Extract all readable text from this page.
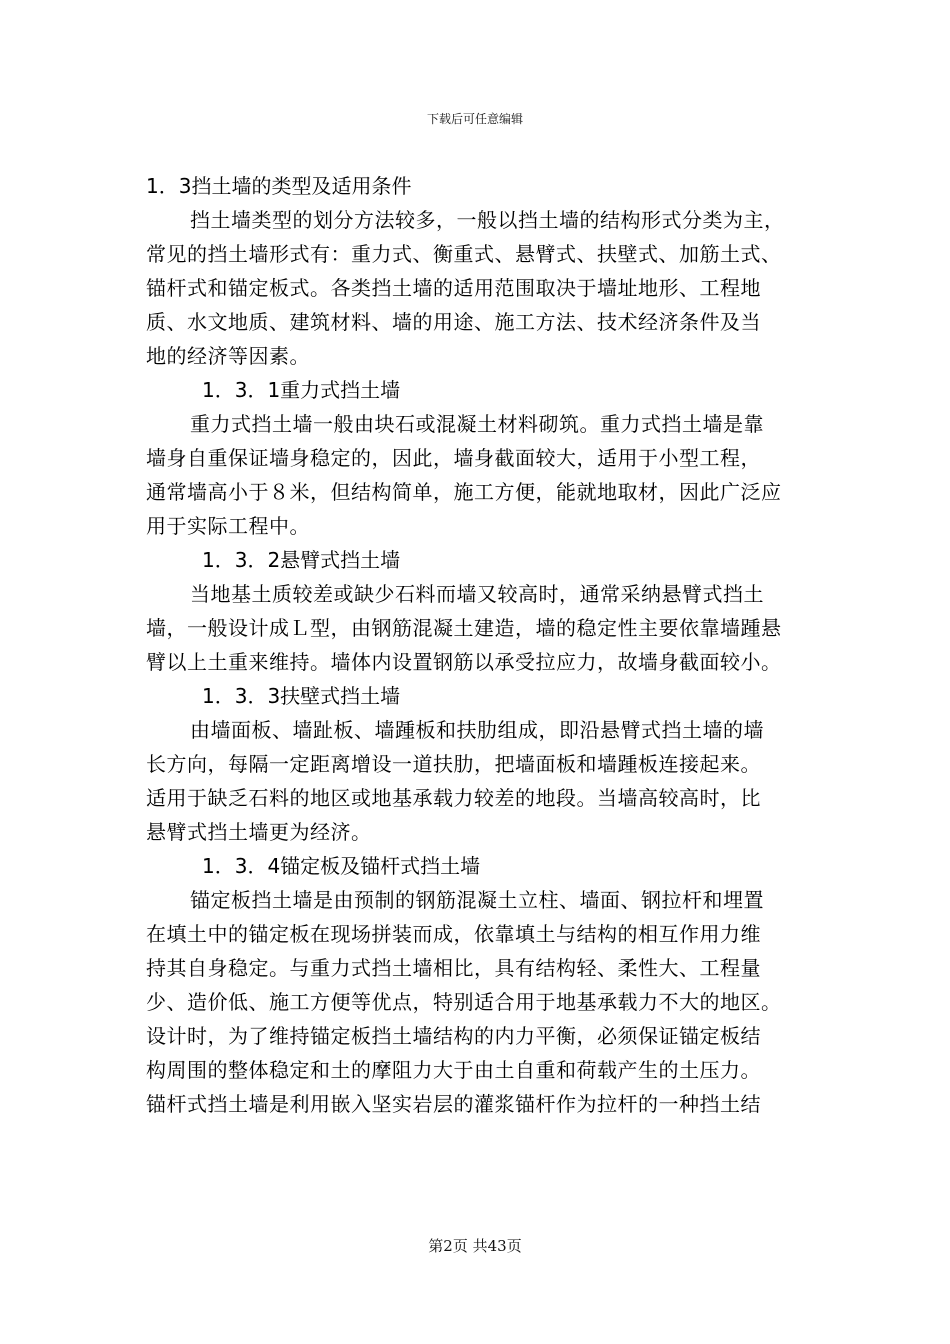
下载后可任意编辑
1．3挡土墙的类型及适用条件
挡土墙类型的划分方法较多，一般以挡土墙的结构形式分类为主，
常见的挡土墙形式有：重力式、衡重式、悬臂式、扶壁式、加筋土式、
锚杆式和锚定板式。各类挡土墙的适用范围取决于墙址地形、工程地
质、水文地质、建筑材料、墙的用途、施工方法、技术经济条件及当
地的经济等因素。
1．3．1重力式挡土墙
重力式挡土墙一般由块石或混凝土材料砌筑。重力式挡土墙是靠
墙身自重保证墙身稳定的，因此，墙身截面较大，适用于小型工程，
通常墙高小于８米，但结构简单，施工方便，能就地取材，因此广泛应
用于实际工程中。
1．3．2悬臂式挡土墙
当地基土质较差或缺少石料而墙又较高时，通常采纳悬臂式挡土
墙，一般设计成Ｌ型，由钢筋混凝土建造，墙的稳定性主要依靠墙踵悬
臂以上土重来维持。墙体内设置钢筋以承受拉应力，故墙身截面较小。
1．3．3扶壁式挡土墙
由墙面板、墙趾板、墙踵板和扶肋组成，即沿悬臂式挡土墙的墙
长方向，每隔一定距离增设一道扶肋，把墙面板和墙踵板连接起来。
适用于缺乏石料的地区或地基承载力较差的地段。当墙高较高时，比
悬臂式挡土墙更为经济。
1．3．4锚定板及锚杆式挡土墙
锚定板挡土墙是由预制的钢筋混凝土立柱、墙面、钢拉杆和埋置
在填土中的锚定板在现场拼装而成，依靠填土与结构的相互作用力维
持其自身稳定。与重力式挡土墙相比，具有结构轻、柔性大、工程量
少、造价低、施工方便等优点，特别适合用于地基承载力不大的地区。
设计时，为了维持锚定板挡土墙结构的内力平衡，必须保证锚定板结
构周围的整体稳定和土的摩阻力大于由土自重和荷载产生的土压力。
锚杆式挡土墙是利用嵌入坚实岩层的灌浆锚杆作为拉杆的一种挡土结
第2页 共43页
